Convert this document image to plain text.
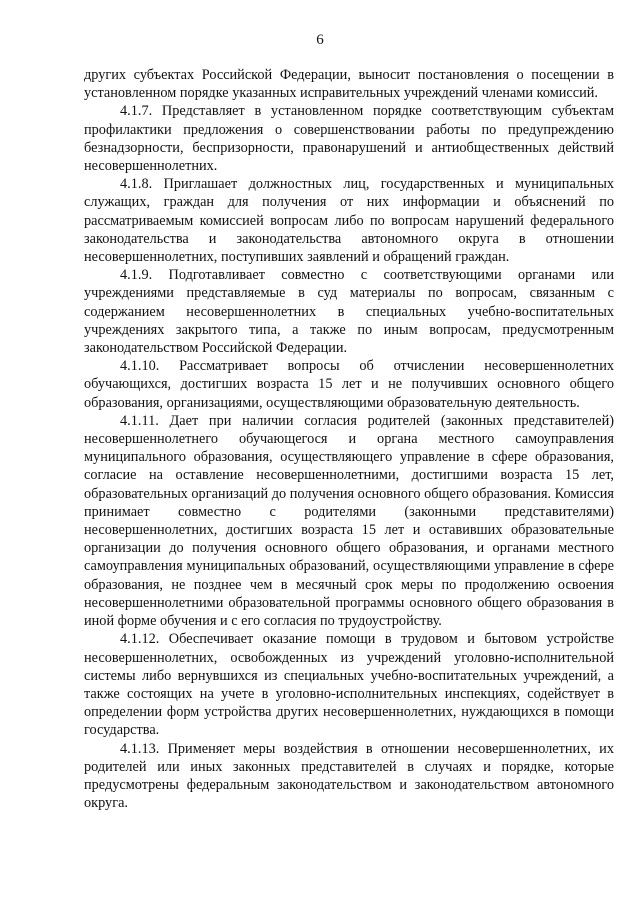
6

других субъектах Российской Федерации, выносит постановления о посещении в установленном порядке указанных исправительных учреждений членами комиссий.

4.1.7. Представляет в установленном порядке соответствующим субъектам профилактики предложения о совершенствовании работы по предупреждению безнадзорности, беспризорности, правонарушений и антиобщественных действий несовершеннолетних.

4.1.8. Приглашает должностных лиц, государственных и муниципальных служащих, граждан для получения от них информации и объяснений по рассматриваемым комиссией вопросам либо по вопросам нарушений федерального законодательства и законодательства автономного округа в отношении несовершеннолетних, поступивших заявлений и обращений граждан.

4.1.9. Подготавливает совместно с соответствующими органами или учреждениями представляемые в суд материалы по вопросам, связанным с содержанием несовершеннолетних в специальных учебно-воспитательных учреждениях закрытого типа, а также по иным вопросам, предусмотренным законодательством Российской Федерации.

4.1.10. Рассматривает вопросы об отчислении несовершеннолетних обучающихся, достигших возраста 15 лет и не получивших основного общего образования, организациями, осуществляющими образовательную деятельность.

4.1.11. Дает при наличии согласия родителей (законных представителей) несовершеннолетнего обучающегося и органа местного самоуправления муниципального образования, осуществляющего управление в сфере образования, согласие на оставление несовершеннолетними, достигшими возраста 15 лет, образовательных организаций до получения основного общего образования. Комиссия принимает совместно с родителями (законными представителями) несовершеннолетних, достигших возраста 15 лет и оставивших образовательные организации до получения основного общего образования, и органами местного самоуправления муниципальных образований, осуществляющими управление в сфере образования, не позднее чем в месячный срок меры по продолжению освоения несовершеннолетними образовательной программы основного общего образования в иной форме обучения и с его согласия по трудоустройству.

4.1.12. Обеспечивает оказание помощи в трудовом и бытовом устройстве несовершеннолетних, освобожденных из учреждений уголовно-исполнительной системы либо вернувшихся из специальных учебно-воспитательных учреждений, а также состоящих на учете в уголовно-исполнительных инспекциях, содействует в определении форм устройства других несовершеннолетних, нуждающихся в помощи государства.

4.1.13. Применяет меры воздействия в отношении несовершеннолетних, их родителей или иных законных представителей в случаях и порядке, которые предусмотрены федеральным законодательством и законодательством автономного округа.
